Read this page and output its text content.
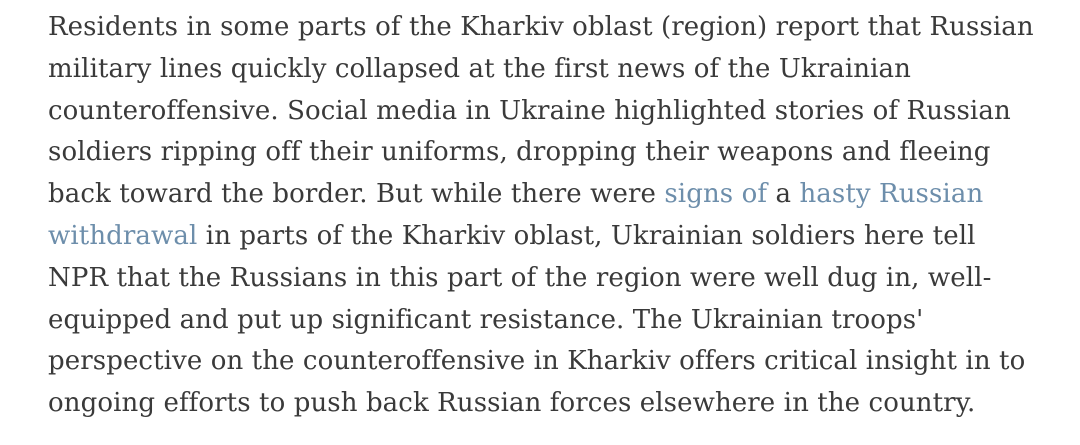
Residents in some parts of the Kharkiv oblast (region) report that Russian military lines quickly collapsed at the first news of the Ukrainian counteroffensive. Social media in Ukraine highlighted stories of Russian soldiers ripping off their uniforms, dropping their weapons and fleeing back toward the border. But while there were signs of a hasty Russian withdrawal in parts of the Kharkiv oblast, Ukrainian soldiers here tell NPR that the Russians in this part of the region were well dug in, well-equipped and put up significant resistance. The Ukrainian troops' perspective on the counteroffensive in Kharkiv offers critical insight in to ongoing efforts to push back Russian forces elsewhere in the country.
